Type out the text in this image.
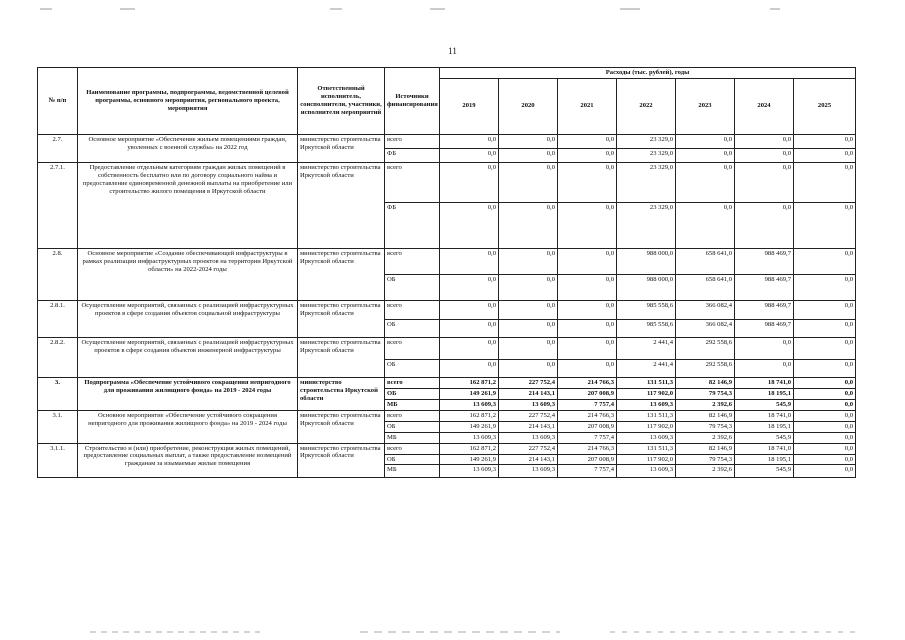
11
№ п/п	Наименование программы, подпрограммы, ведомственной целевой программы, основного мероприятия, регионального проекта, мероприятия	Ответственный исполнитель, соисполнители, участники, исполнители мероприятий	Источники финансирования	Расходы (тыс. рублей), годы						
				2019	2020	2021	2022	2023	2024	2025
2.7.	Основное мероприятие «Обеспечение жильем помещениями граждан, уволенных с военной службы» на 2022 год	министерство строительства Иркутской области	всего	0,0	0,0	0,0	23 329,0	0,0	0,0	0,0
			ФБ	0,0	0,0	0,0	23 329,0	0,0	0,0	0,0
2.7.1.	Предоставление отдельным категориям граждан жилых помещений в собственность бесплатно или по договору социального найма и предоставление единовременной денежной выплаты на приобретение или строительство жилого помещения в Иркутской области	министерство строительства Иркутской области	всего	0,0	0,0	0,0	23 329,0	0,0	0,0	0,0
			ФБ	0,0	0,0	0,0	23 329,0	0,0	0,0	0,0
2.8.	Основное мероприятие «Создание обеспечивающей инфраструктуры в рамках реализации инфраструктурных проектов на территории Иркутской области» на 2022-2024 годы	министерство строительства Иркутской области	всего	0,0	0,0	0,0	988 000,0	658 641,0	988 469,7	0,0
			ОБ	0,0	0,0	0,0	988 000,0	658 641,0	988 469,7	0,0
2.8.1.	Осуществление мероприятий, связанных с реализацией инфраструктурных проектов в сфере создания объектов социальной инфраструктуры	министерство строительства Иркутской области	всего	0,0	0,0	0,0	985 558,6	366 082,4	988 469,7	0,0
			ОБ	0,0	0,0	0,0	985 558,6	366 082,4	988 469,7	0,0
2.8.2.	Осуществление мероприятий, связанных с реализацией инфраструктурных проектов в сфере создания объектов инженерной инфраструктуры	министерство строительства Иркутской области	всего	0,0	0,0	0,0	2 441,4	292 558,6	0,0	0,0
			ОБ	0,0	0,0	0,0	2 441,4	292 558,6	0,0	0,0
3.	Подпрограмма «Обеспечение устойчивого сокращения непригодного для проживания жилищного фонда» на 2019 - 2024 годы	министерство строительства Иркутской области	всего	162 871,2	227 752,4	214 766,3	131 511,3	82 146,9	18 741,0	0,0
			ОБ	149 261,9	214 143,1	207 008,9	117 902,0	79 754,3	18 195,1	0,0
			МБ	13 609,3	13 609,3	7 757,4	13 609,3	2 392,6	545,9	0,0
3.1.	Основное мероприятие «Обеспечение устойчивого сокращения непригодного для проживания жилищного фонда» на 2019 - 2024 годы	министерство строительства Иркутской области	всего	162 871,2	227 752,4	214 766,3	131 511,3	82 146,9	18 741,0	0,0
			ОБ	149 261,9	214 143,1	207 008,9	117 902,0	79 754,3	18 195,1	0,0
			МБ	13 609,3	13 609,3	7 757,4	13 609,3	2 392,6	545,9	0,0
3.1.1.	Строительство и (или) приобретение, реконструкция жилых помещений, предоставление социальных выплат, а также предоставление возмещений гражданам за изымаемые жилые помещения	министерство строительства Иркутской области	всего	162 871,2	227 752,4	214 766,3	131 511,3	82 146,9	18 741,0	0,0
			ОБ	149 261,9	214 143,1	207 008,9	117 902,0	79 754,3	18 195,1	0,0
			МБ	13 609,3	13 609,3	7 757,4	13 609,3	2 392,6	545,9	0,0
